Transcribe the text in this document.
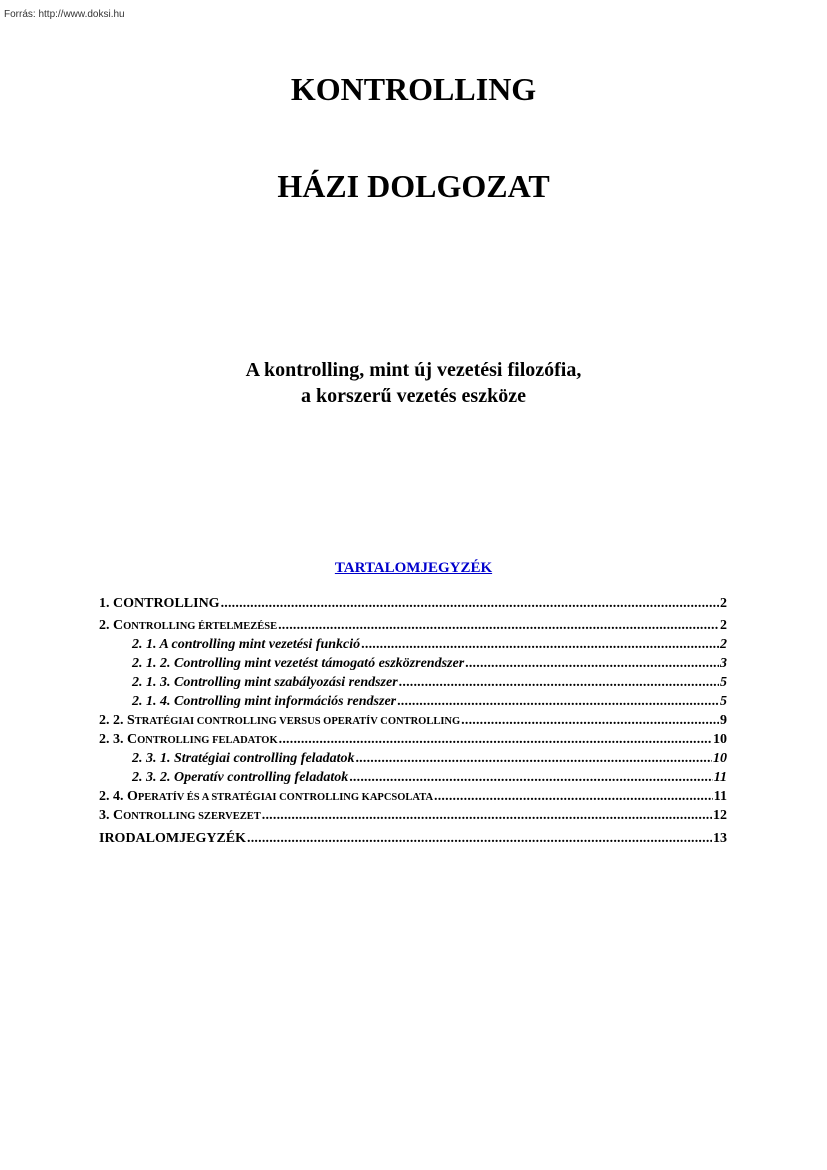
Forrás: http://www.doksi.hu
KONTROLLING
HÁZI DOLGOZAT
A kontrolling, mint új vezetési filozófia,
a korszerű vezetés eszköze
TARTALOMJEGYZÉK
1. CONTROLLING .....	2
2. CONTROLLING ÉRTELMEZÉSE .....	2
2. 1. A controlling mint vezetési funkció .....	2
2. 1. 2. Controlling mint vezetést támogató eszközrendszer .....	3
2. 1. 3. Controlling mint szabályozási rendszer .....	5
2. 1. 4. Controlling mint információs rendszer .....	5
2. 2. STRATÉGIAI CONTROLLING VERSUS OPERATÍV CONTROLLING .....	9
2. 3. CONTROLLING FELADATOK .....	10
2. 3. 1. Stratégiai controlling feladatok .....	10
2. 3. 2. Operatív controlling feladatok .....	11
2. 4. OPERATÍV ÉS A STRATÉGIAI CONTROLLING KAPCSOLATA .....	11
3. CONTROLLING SZERVEZET .....	12
IRODALOMJEGYZÉK .....	13
